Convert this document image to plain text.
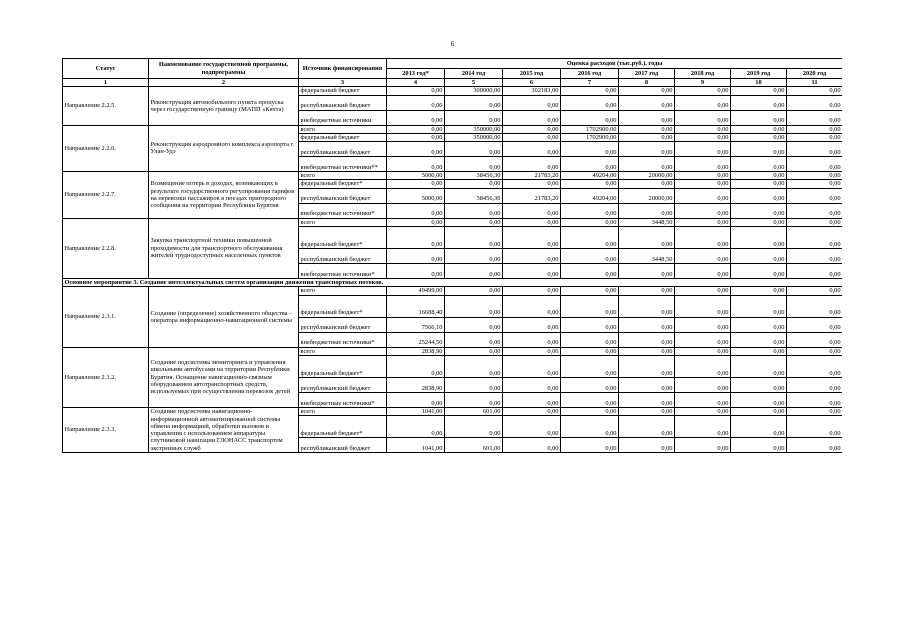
6
Статус	Наименование государственной программы, подпрограммы	Источник финансирования	Оценка расходов (тыс.руб.), годы							
			2013 год*	2014 год	2015 год	2016 год	2017 год	2018 год	2019 год	2020 год
1	2	3	4	5	6	7	8	9	10	11
Направление 2.2.5.	Реконструкция автомобильного пункта пропуска через государственную границу (МАПП «Кяхта)	федеральный бюджет	0,00	300000,00	302183,00	0,00	0,00	0,00	0,00	0,00
		республиканский бюджет	0,00	0,00	0,00	0,00	0,00	0,00	0,00	0,00
		внебюджетные источники	0,00	0,00	0,00	0,00	0,00	0,00	0,00	0,00
Направление 2.2.6.	Реконструкция аэродромного комплекса аэропорта г. Улан-Удэ	всего	0,00	350000,00	0,00	1702900,00	0,00	0,00	0,00	0,00
		федеральный бюджет	0,00	350000,00	0,00	1702900,00	0,00	0,00	0,00	0,00
		республиканский бюджет	0,00	0,00	0,00	0,00	0,00	0,00	0,00	0,00
		внебюджетные источники**	0,00	0,00	0,00	0,00	0,00	0,00	0,00	0,00
Направление 2.2.7.	Возмещение потерь в доходах, возникающих в результате государственного регулирования тарифов на перевозки пассажиров в поездах пригородного сообщения на территории Республики Бурятия	всего	5000,00	38456,30	21783,20	49204,00	20000,00	0,00	0,00	0,00
		федеральный бюджет*	0,00	0,00	0,00	0,00	0,00	0,00	0,00	0,00
		республиканский бюджет	5000,00	38456,30	21783,20	49204,00	20000,00	0,00	0,00	0,00
		внебюджетные источники*	0,00	0,00	0,00	0,00	0,00	0,00	0,00	0,00
Направление 2.2.8.	Закупка транспортной техники повышенной проходимости для транспортного обслуживания жителей труднодоступных населенных пунктов	всего	0,00	0,00	0,00	0,00	3448,50	0,00	0,00	0,00
		федеральный бюджет*	0,00	0,00	0,00	0,00	0,00	0,00	0,00	0,00
		республиканский бюджет	0,00	0,00	0,00	0,00	3448,50	0,00	0,00	0,00
		внебюджетные источники*	0,00	0,00	0,00	0,00	0,00	0,00	0,00	0,00
Основное мероприятие 3. Создание интеллектуальных систем организации движения транспортных потоков.										
Направление 2.3.1.	Создание (определение) хозяйственного общества – оператора информационно-навигационной системы	всего	49499,00	0,00	0,00	0,00	0,00	0,00	0,00	0,00
		федеральный бюджет*	16688,40	0,00	0,00	0,00	0,00	0,00	0,00	0,00
		республиканский бюджет	7566,10	0,00	0,00	0,00	0,00	0,00	0,00	0,00
		внебюджетные источники*	25244,50	0,00	0,00	0,00	0,00	0,00	0,00	0,00
Направление 2.3.2.	Создание подсистемы мониторинга и управления школьными автобусами на территории Республики Бурятия. Оснащение навигационно-связным оборудованием автотранспортных средств, используемых при осуществлении перевозок детей	всего	2838,90	0,00	0,00	0,00	0,00	0,00	0,00	0,00
		федеральный бюджет*	0,00	0,00	0,00	0,00	0,00	0,00	0,00	0,00
		республиканский бюджет	2838,90	0,00	0,00	0,00	0,00	0,00	0,00	0,00
		внебюджетные источники*	0,00	0,00	0,00	0,00	0,00	0,00	0,00	0,00
Направление 2.3.3.	Создание подсистемы навигационно-информационной автоматизированной системы обмена информацией, обработки вызовов и управления с использованием аппаратуры спутниковой навигации ГЛОНАСС транспортом экстренных служб	всего	1041,00	601,00	0,00	0,00	0,00	0,00	0,00	0,00
		федеральный бюджет*	0,00	0,00	0,00	0,00	0,00	0,00	0,00	0,00
		республиканский бюджет	1041,00	601,00	0,00	0,00	0,00	0,00	0,00	0,00
